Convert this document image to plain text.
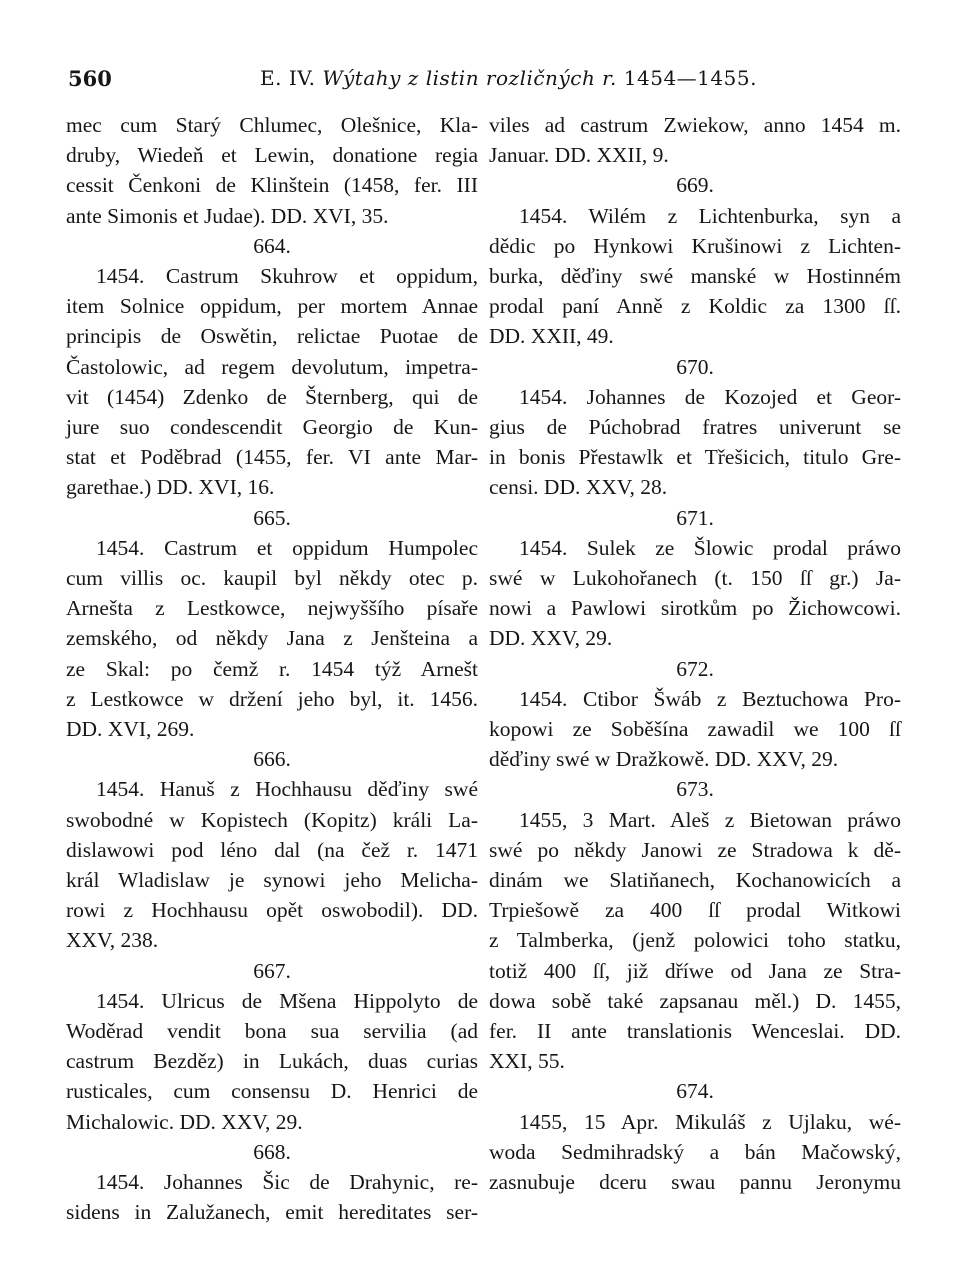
560	E. IV. Wýtahy z listin rozličných r. 1454—1455.
mec cum Starý Chlumec, Olešnice, Kla-
druby, Wiedeň et Lewin, donatione regia
cessit Čenkoni de Klinštein (1458, fer. III
ante Simonis et Judae). DD. XVI, 35.
664.
1454. Castrum Skuhrow et oppidum,
item Solnice oppidum, per mortem Annae
principis de Oswětin, relictae Puotae de
Častolowic, ad regem devolutum, impetra-
vit (1454) Zdenko de Šternberg, qui de
jure suo condescendit Georgio de Kun-
stat et Poděbrad (1455, fer. VI ante Mar-
garethae.) DD. XVI, 16.
665.
1454. Castrum et oppidum Humpolec
cum villis oc. kaupil byl někdy otec p.
Arnešta z Lestkowce, nejwyššího písaře
zemského, od někdy Jana z Jenšteina a
ze Skal: po čemž r. 1454 týž Arnešt
z Lestkowce w držení jeho byl, it. 1456.
DD. XVI, 269.
666.
1454. Hanuš z Hochhausu děďiny swé
swobodné w Kopistech (Kopitz) králi La-
dislawowi pod léno dal (na čež r. 1471
král Wladislaw je synowi jeho Melicha-
rowi z Hochhausu opět oswobodil). DD.
XXV, 238.
667.
1454. Ulricus de Mšena Hippolyto de
Woděrad vendit bona sua servilia (ad
castrum Bezděz) in Lukách, duas curias
rusticales, cum consensu D. Henrici de
Michalowic. DD. XXV, 29.
668.
1454. Johannes Šic de Drahynic, re-
sidens in Zalužanech, emit hereditates ser-
viles ad castrum Zwiekow, anno 1454 m.
Januar. DD. XXII, 9.
669.
1454. Wilém z Lichtenburka, syn a
dědic po Hynkowi Krušinowi z Lichten-
burka, děďiny swé manské w Hostinném
prodal paní Anně z Koldic za 1300 ſſ.
DD. XXII, 49.
670.
1454. Johannes de Kozojed et Geor-
gius de Púchobrad fratres univerunt se
in bonis Přestawlk et Třešicich, titulo Gre-
censi. DD. XXV, 28.
671.
1454. Sulek ze Šlowic prodal práwo
swé w Lukohořanech (t. 150 ſſ gr.) Ja-
nowi a Pawlowi sirotkům po Žichowcowi.
DD. XXV, 29.
672.
1454. Ctibor Šwáb z Beztuchowa Pro-
kopowi ze Soběšína zawadil we 100 ſſ
děďiny swé w Dražkowě. DD. XXV, 29.
673.
1455, 3 Mart. Aleš z Bietowan práwo
swé po někdy Janowi ze Stradowa k dě-
dinám we Slatiňanech, Kochanowicích a
Trpiešowě za 400 ſſ prodal Witkowi
z Talmberka, (jenž polowici toho statku,
totiž 400 ſſ, již dříwe od Jana ze Stra-
dowa sobě také zapsanau měl.) D. 1455,
fer. II ante translationis Wenceslai. DD.
XXI, 55.
674.
1455, 15 Apr. Mikuláš z Ujlaku, wé-
woda Sedmihradský a bán Mačowský,
zasnubuje dceru swau pannu Jeronymu
